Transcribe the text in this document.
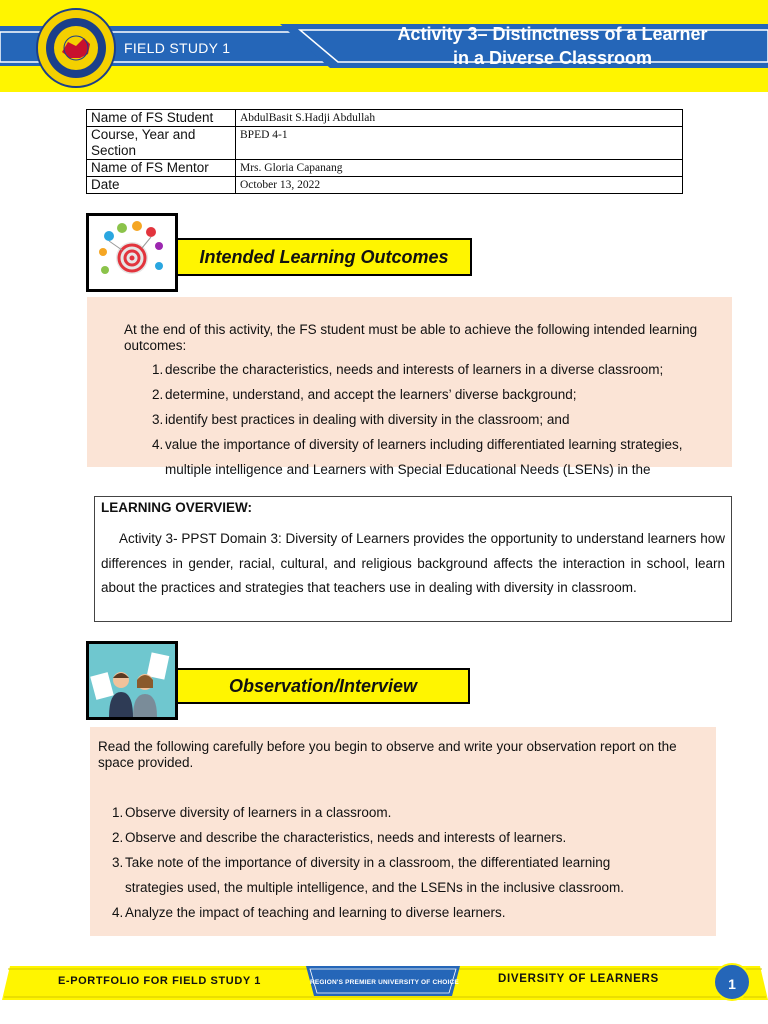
FIELD STUDY 1
Activity 3– Distinctness of a Learner
in a Diverse Classroom
Name of FS Student	AbdulBasit S.Hadji Abdullah
Course, Year and Section	BPED 4-1
Name of FS Mentor	Mrs. Gloria Capanang
Date	October 13, 2022
Intended Learning Outcomes
At the end of this activity, the FS student must be able to achieve the following intended learning outcomes:
1. describe the characteristics, needs and interests of learners in a diverse classroom;
2. determine, understand, and accept the learners’ diverse background;
3. identify best practices in dealing with diversity in the classroom; and
4. value the importance of diversity of learners including differentiated learning strategies,
multiple intelligence and Learners with Special Educational Needs (LSENs) in the
LEARNING OVERVIEW:
Activity 3- PPST Domain 3: Diversity of Learners provides the opportunity to understand learners how differences in gender, racial, cultural, and religious background affects the interaction in school, learn about the practices and strategies that teachers use in dealing with diversity in classroom.
Observation/Interview
Read the following carefully before you begin to observe and write your observation report on the space provided.
1. Observe diversity of learners in a classroom.
2. Observe and describe the characteristics, needs and interests of learners.
3. Take note of the importance of diversity in a classroom, the differentiated learning
strategies used, the multiple intelligence, and the LSENs in the inclusive classroom.
4. Analyze the impact of teaching and learning to diverse learners.
E-PORTFOLIO FOR FIELD STUDY 1	REGION'S PREMIER UNIVERSITY OF CHOICE	DIVERSITY OF LEARNERS	1
